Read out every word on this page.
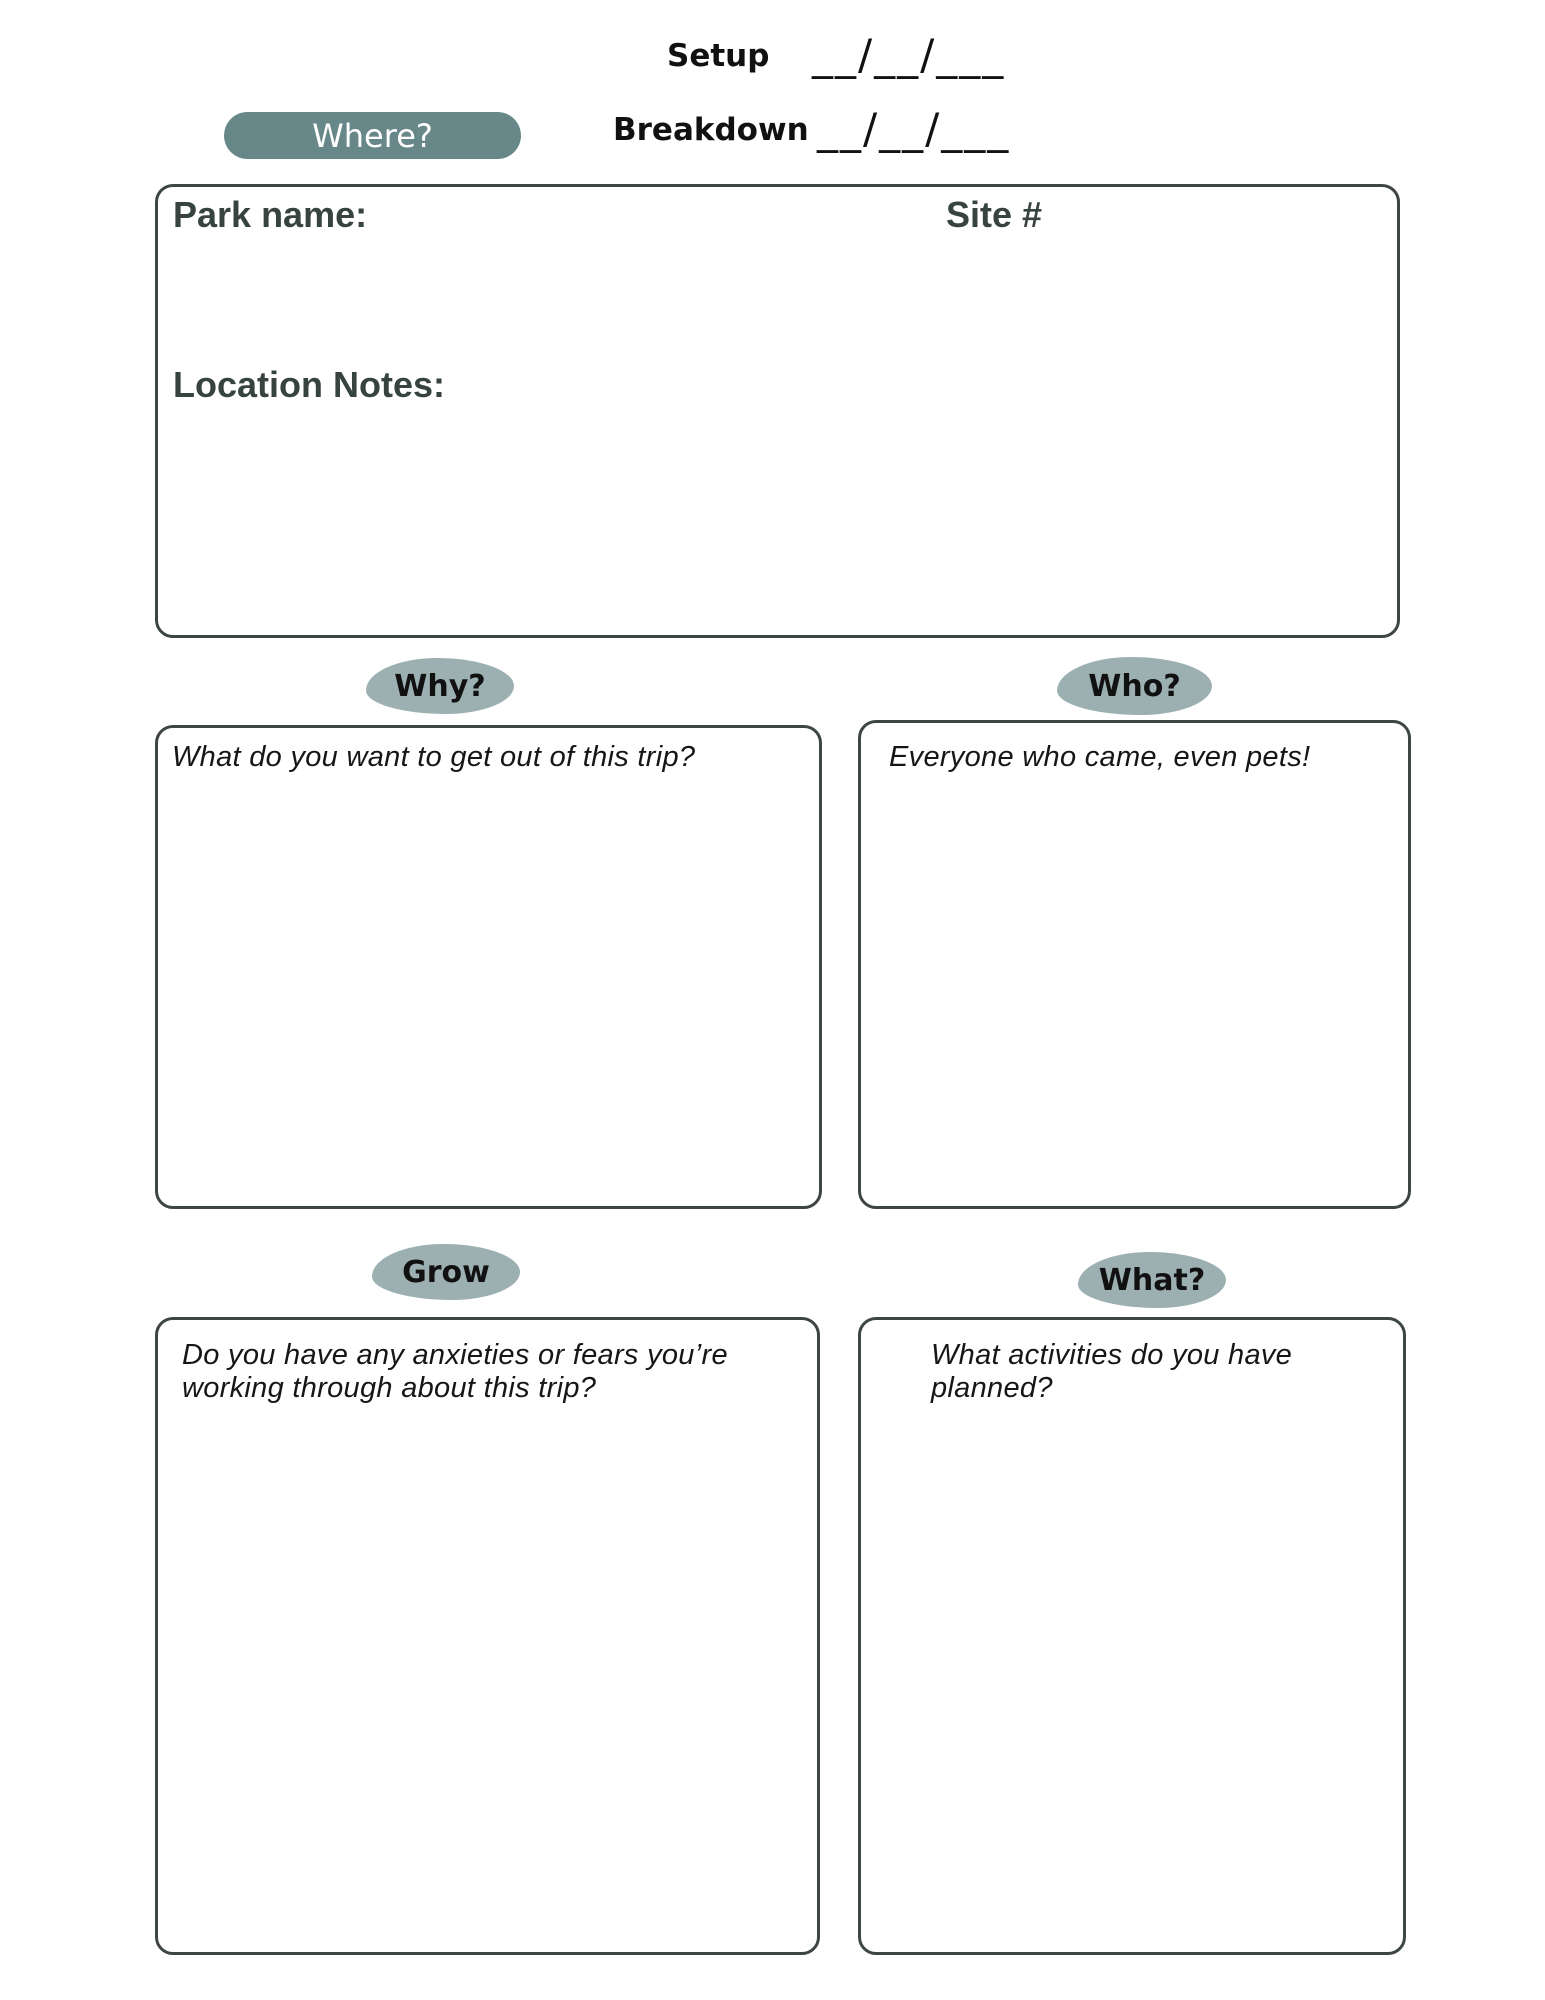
Setup __/__/___
Breakdown __/__/___
Where?
Park name:	Site #
Location Notes:
Why?
What do you want to get out of this trip?
Who?
Everyone who came, even pets!
Grow
Do you have any anxieties or fears you’re
working through about this trip?
What?
What activities do you have
planned?
